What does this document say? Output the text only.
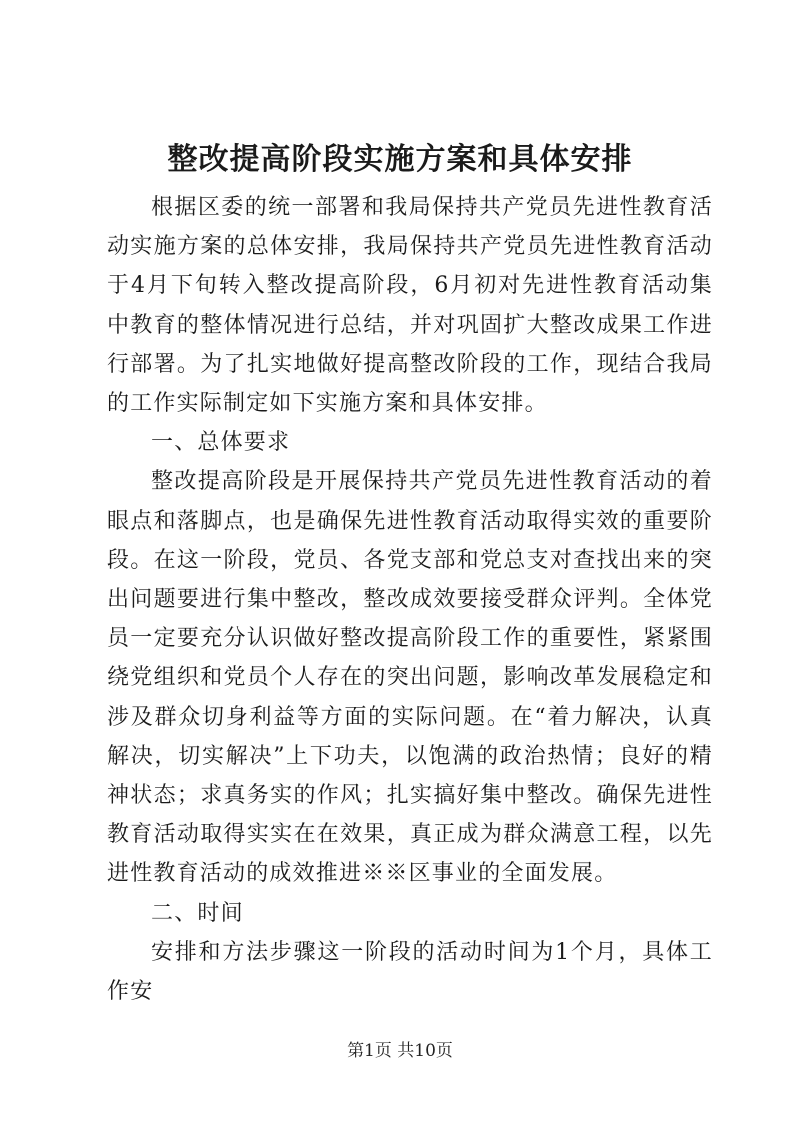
整改提高阶段实施方案和具体安排

根据区委的统一部署和我局保持共产党员先进性教育活动实施方案的总体安排，我局保持共产党员先进性教育活动于4月下旬转入整改提高阶段，6月初对先进性教育活动集中教育的整体情况进行总结，并对巩固扩大整改成果工作进行部署。为了扎实地做好提高整改阶段的工作，现结合我局的工作实际制定如下实施方案和具体安排。

一、总体要求

整改提高阶段是开展保持共产党员先进性教育活动的着眼点和落脚点，也是确保先进性教育活动取得实效的重要阶段。在这一阶段，党员、各党支部和党总支对查找出来的突出问题要进行集中整改，整改成效要接受群众评判。全体党员一定要充分认识做好整改提高阶段工作的重要性，紧紧围绕党组织和党员个人存在的突出问题，影响改革发展稳定和涉及群众切身利益等方面的实际问题。在“着力解决，认真解决，切实解决”上下功夫，以饱满的政治热情；良好的精神状态；求真务实的作风；扎实搞好集中整改。确保先进性教育活动取得实实在在效果，真正成为群众满意工程，以先进性教育活动的成效推进※※区事业的全面发展。

二、时间

安排和方法步骤这一阶段的活动时间为1个月，具体工作安

第1页 共10页
